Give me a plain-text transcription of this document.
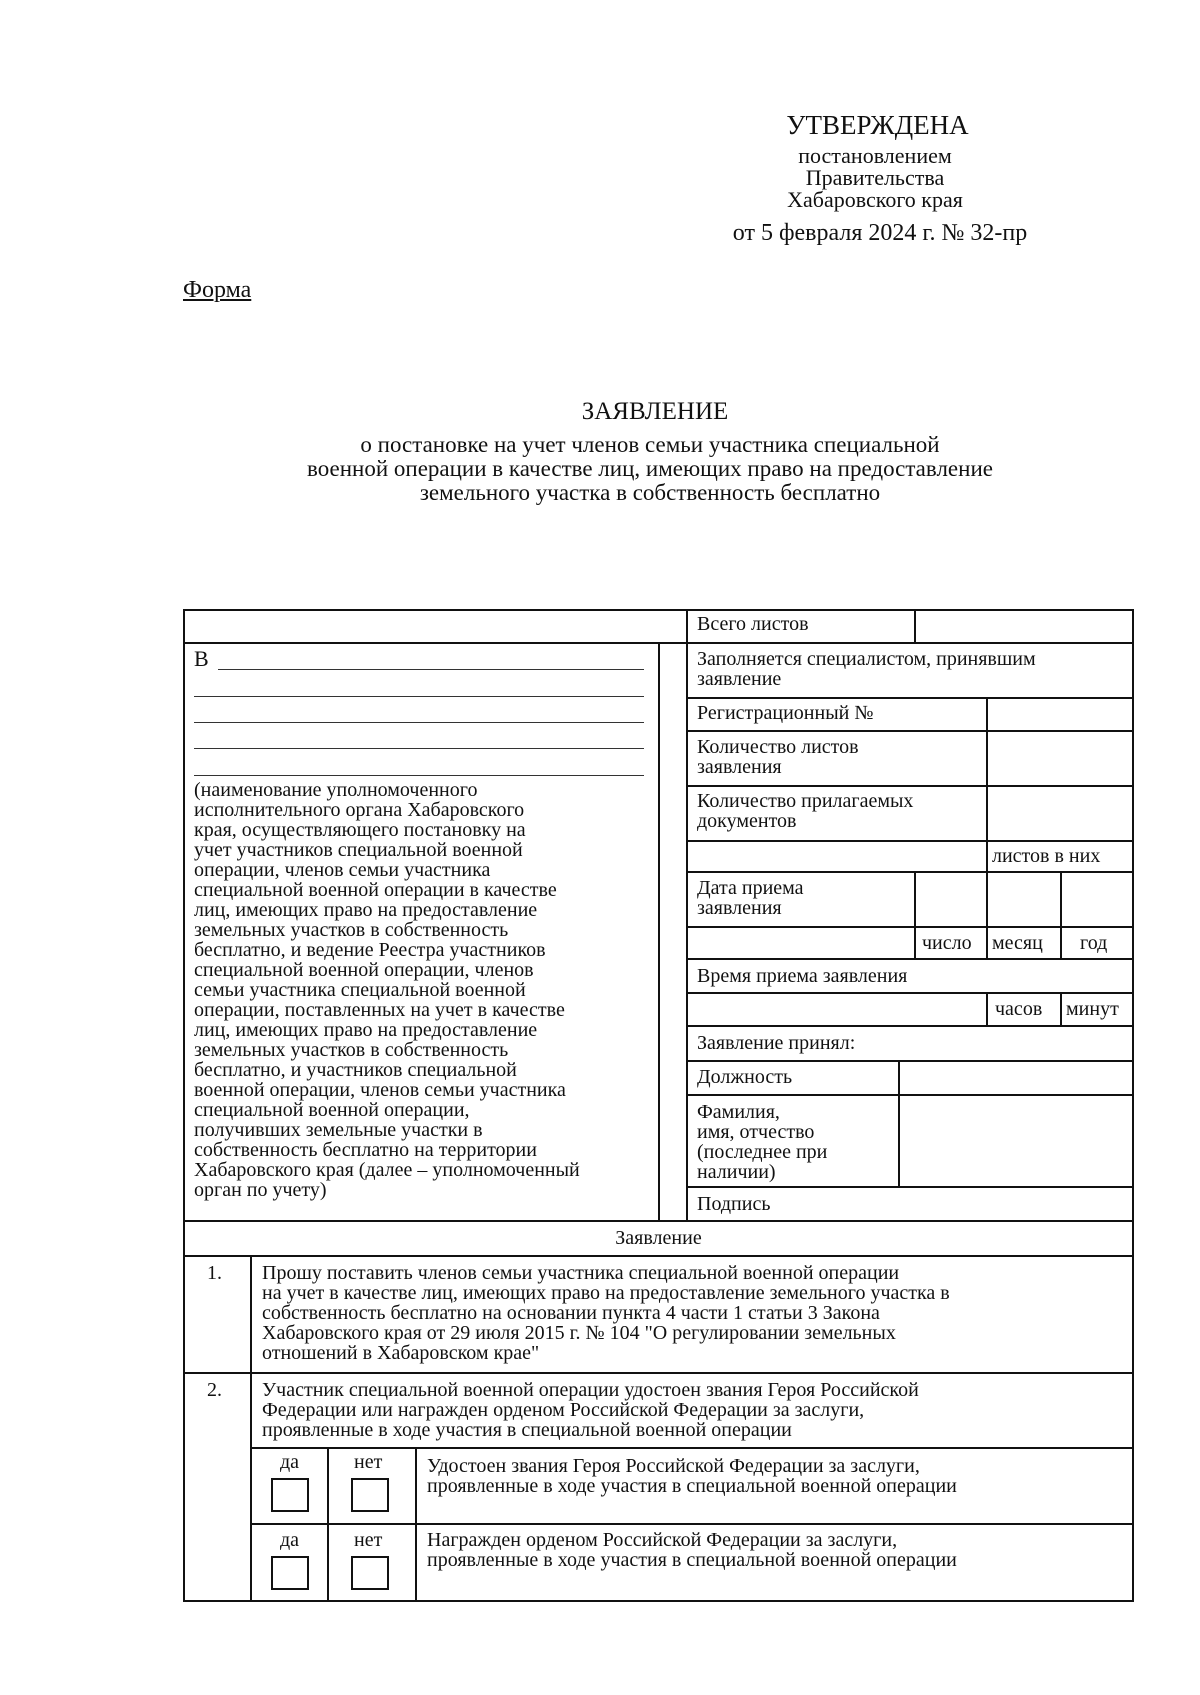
УТВЕРЖДЕНА
постановлением
Правительства
Хабаровского края
от 5 февраля 2024 г. № 32-пр
Форма
ЗАЯВЛЕНИЕ
о постановке на учет членов семьи участника специальной
военной операции в качестве лиц, имеющих право на предоставление
земельного участка в собственность бесплатно
В
(наименование уполномоченного
исполнительного органа Хабаровского
края, осуществляющего постановку на
учет участников специальной военной
операции, членов семьи участника
специальной военной операции в качестве
лиц, имеющих право на предоставление
земельных участков в собственность
бесплатно, и ведение Реестра участников
специальной военной операции, членов
семьи участника специальной военной
операции, поставленных на учет в качестве
лиц, имеющих право на предоставление
земельных участков в собственность
бесплатно, и участников специальной
военной операции, членов семьи участника
специальной военной операции,
получивших земельные участки в
собственность бесплатно на территории
Хабаровского края (далее – уполномоченный
орган по учету)
Всего листов
Заполняется специалистом, принявшим
заявление
Регистрационный №
Количество листов
заявления
Количество прилагаемых
документов
листов в них
Дата приема
заявления
число месяц год
Время приема заявления
часов минут
Заявление принял:
Должность
Фамилия,
имя, отчество
(последнее при
наличии)
Подпись
Заявление
1. Прошу поставить членов семьи участника специальной военной операции
на учет в качестве лиц, имеющих право на предоставление земельного участка в
собственность бесплатно на основании пункта 4 части 1 статьи 3 Закона
Хабаровского края от 29 июля 2015 г. № 104 "О регулировании земельных
отношений в Хабаровском крае"
2. Участник специальной военной операции удостоен звания Героя Российской
Федерации или награжден орденом Российской Федерации за заслуги,
проявленные в ходе участия в специальной военной операции
да	нет Удостоен звания Героя Российской Федерации за заслуги,
проявленные в ходе участия в специальной военной операции
да	нет Награжден орденом Российской Федерации за заслуги,
проявленные в ходе участия в специальной военной операции
